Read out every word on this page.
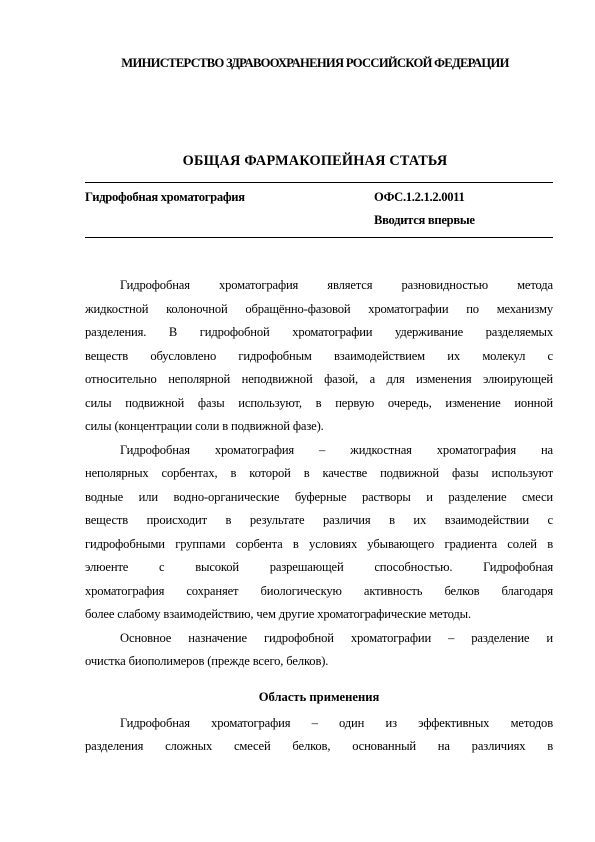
МИНИСТЕРСТВО ЗДРАВООХРАНЕНИЯ РОССИЙСКОЙ ФЕДЕРАЦИИ
ОБЩАЯ ФАРМАКОПЕЙНАЯ СТАТЬЯ
Гидрофобная хроматография	ОФС.1.2.1.2.0011
Вводится впервые
Гидрофобная хроматография является разновидностью метода
жидкостной колоночной обращённо-фазовой хроматографии по механизму
разделения. В гидрофобной хроматографии удерживание разделяемых
веществ обусловлено гидрофобным взаимодействием их молекул с
относительно неполярной неподвижной фазой, а для изменения элюирующей
силы подвижной фазы используют, в первую очередь, изменение ионной
силы (концентрации соли в подвижной фазе).
Гидрофобная хроматография – жидкостная хроматография на
неполярных сорбентах, в которой в качестве подвижной фазы используют
водные или водно-органические буферные растворы и разделение смеси
веществ происходит в результате различия в их взаимодействии с
гидрофобными группами сорбента в условиях убывающего градиента солей в
элюенте с высокой разрешающей способностью. Гидрофобная
хроматография сохраняет биологическую активность белков благодаря
более слабому взаимодействию, чем другие хроматографические методы.
Основное назначение гидрофобной хроматографии – разделение и
очистка биополимеров (прежде всего, белков).
Область применения
Гидрофобная хроматография – один из эффективных методов
разделения сложных смесей белков, основанный на различиях в
